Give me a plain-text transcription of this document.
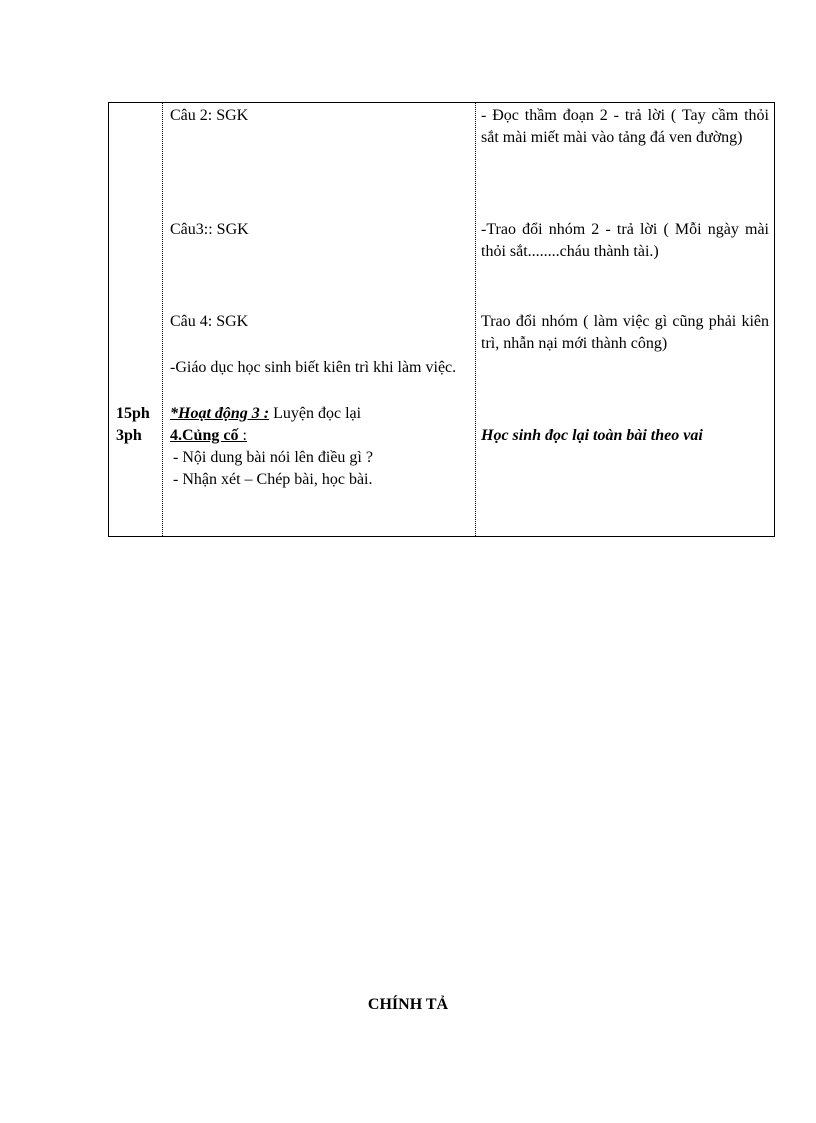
15ph
3ph
Câu 2: SGK
Câu3:: SGK
Câu 4: SGK
-Giáo dục học sinh biết kiên trì khi làm việc.
*Hoạt động 3 : Luyện đọc lại
4.Củng cố :
- Nội dung bài nói lên điều gì ?
- Nhận xét – Chép bài, học bài.
- Đọc thầm đoạn 2 - trả lời ( Tay cầm thỏi sắt mài miết mài vào tảng đá ven đường)
-Trao đổi nhóm 2 - trả lời ( Mỗi ngày mài thỏi sắt........cháu thành tài.)
Trao đổi nhóm ( làm việc gì cũng phải kiên trì, nhẫn nại mới thành công)
Học sinh đọc lại toàn bài theo vai
CHÍNH TẢ
